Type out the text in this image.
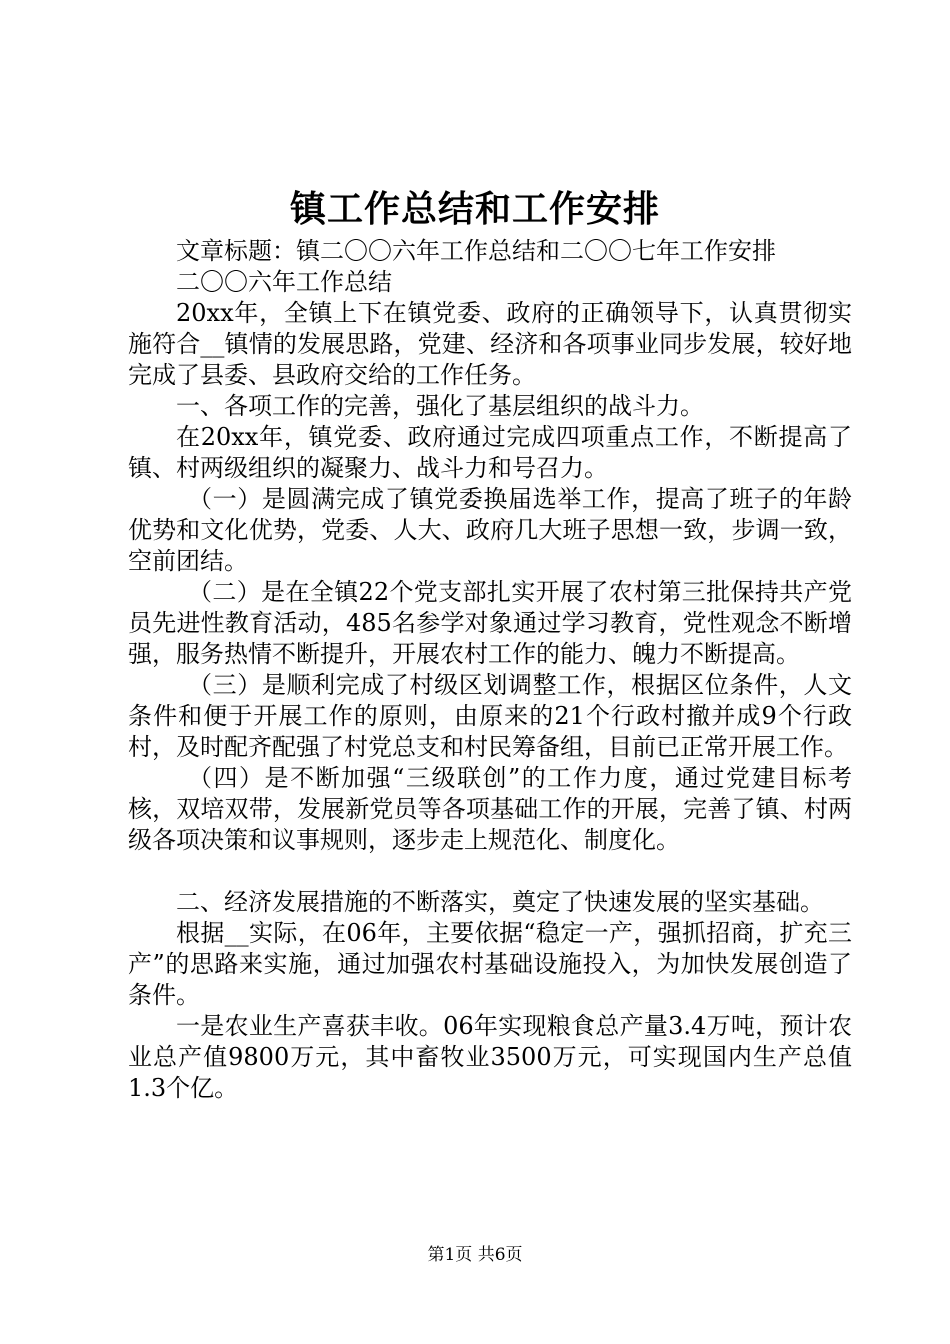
镇工作总结和工作安排

文章标题：镇二〇〇六年工作总结和二〇〇七年工作安排

二〇〇六年工作总结

20xx年，全镇上下在镇党委、政府的正确领导下，认真贯彻实施符合__镇情的发展思路，党建、经济和各项事业同步发展，较好地完成了县委、县政府交给的工作任务。

一、各项工作的完善，强化了基层组织的战斗力。

在20xx年，镇党委、政府通过完成四项重点工作，不断提高了镇、村两级组织的凝聚力、战斗力和号召力。

（一）是圆满完成了镇党委换届选举工作，提高了班子的年龄优势和文化优势，党委、人大、政府几大班子思想一致，步调一致，空前团结。

（二）是在全镇22个党支部扎实开展了农村第三批保持共产党员先进性教育活动，485名参学对象通过学习教育，党性观念不断增强，服务热情不断提升，开展农村工作的能力、魄力不断提高。

（三）是顺利完成了村级区划调整工作，根据区位条件，人文条件和便于开展工作的原则，由原来的21个行政村撤并成9个行政村，及时配齐配强了村党总支和村民筹备组，目前已正常开展工作。

（四）是不断加强“三级联创”的工作力度，通过党建目标考核，双培双带，发展新党员等各项基础工作的开展，完善了镇、村两级各项决策和议事规则，逐步走上规范化、制度化。

二、经济发展措施的不断落实，奠定了快速发展的坚实基础。

根据__实际，在06年，主要依据“稳定一产，强抓招商，扩充三产”的思路来实施，通过加强农村基础设施投入，为加快发展创造了条件。

一是农业生产喜获丰收。06年实现粮食总产量3.4万吨，预计农业总产值9800万元，其中畜牧业3500万元，可实现国内生产总值1.3个亿。

第1页 共6页
